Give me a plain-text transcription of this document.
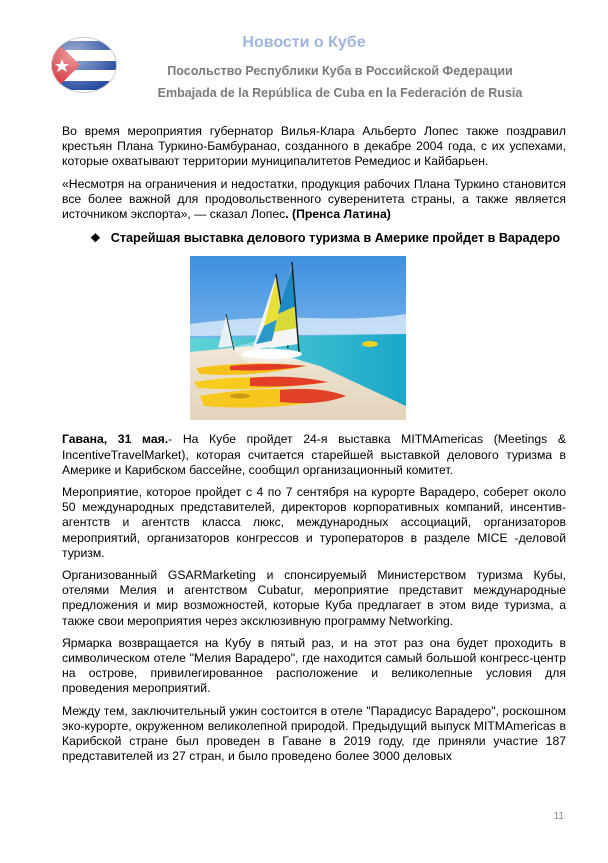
Новости о Кубе
Посольство Республики Куба в Российской Федерации
Embajada de la República de Cuba en la Federación de Rusia

Во время мероприятия губернатор Вилья-Клара Альберто Лопес также поздравил крестьян Плана Туркино-Бамбуранао, созданного в декабре 2004 года, с их успехами, которые охватывают территории муниципалитетов Ремедиос и Кайбарьен.

«Несмотря на ограничения и недостатки, продукция рабочих Плана Туркино становится все более важной для продовольственного суверенитета страны, а также является источником экспорта», — сказал Лопес. (Пренса Латина)

❖ Старейшая выставка делового туризма в Америке пройдет в Варадеро

Гавана, 31 мая.- На Кубе пройдет 24-я выставка MITMAmericas (Meetings & IncentiveTravelMarket), которая считается старейшей выставкой делового туризма в Америке и Карибском бассейне, сообщил организационный комитет.

Мероприятие, которое пройдет с 4 по 7 сентября на курорте Варадеро, соберет около 50 международных представителей, директоров корпоративных компаний, инсентив-агентств и агентств класса люкс, международных ассоциаций, организаторов мероприятий, организаторов конгрессов и туроператоров в разделе MICE -деловой туризм.

Организованный GSARMarketing и спонсируемый Министерством туризма Кубы, отелями Мелия и агентством Cubatur, мероприятие представит международные предложения и мир возможностей, которые Куба предлагает в этом виде туризма, а также свои мероприятия через эксклюзивную программу Networking.

Ярмарка возвращается на Кубу в пятый раз, и на этот раз она будет проходить в символическом отеле "Мелия Варадеро", где находится самый большой конгресс-центр на острове, привилегированное расположение и великолепные условия для проведения мероприятий.

Между тем, заключительный ужин состоится в отеле "Парадисус Варадеро", роскошном эко-курорте, окруженном великолепной природой. Предыдущий выпуск MITMAmericas в Карибской стране был проведен в Гаване в 2019 году, где приняли участие 187 представителей из 27 стран, и было проведено более 3000 деловых

11
